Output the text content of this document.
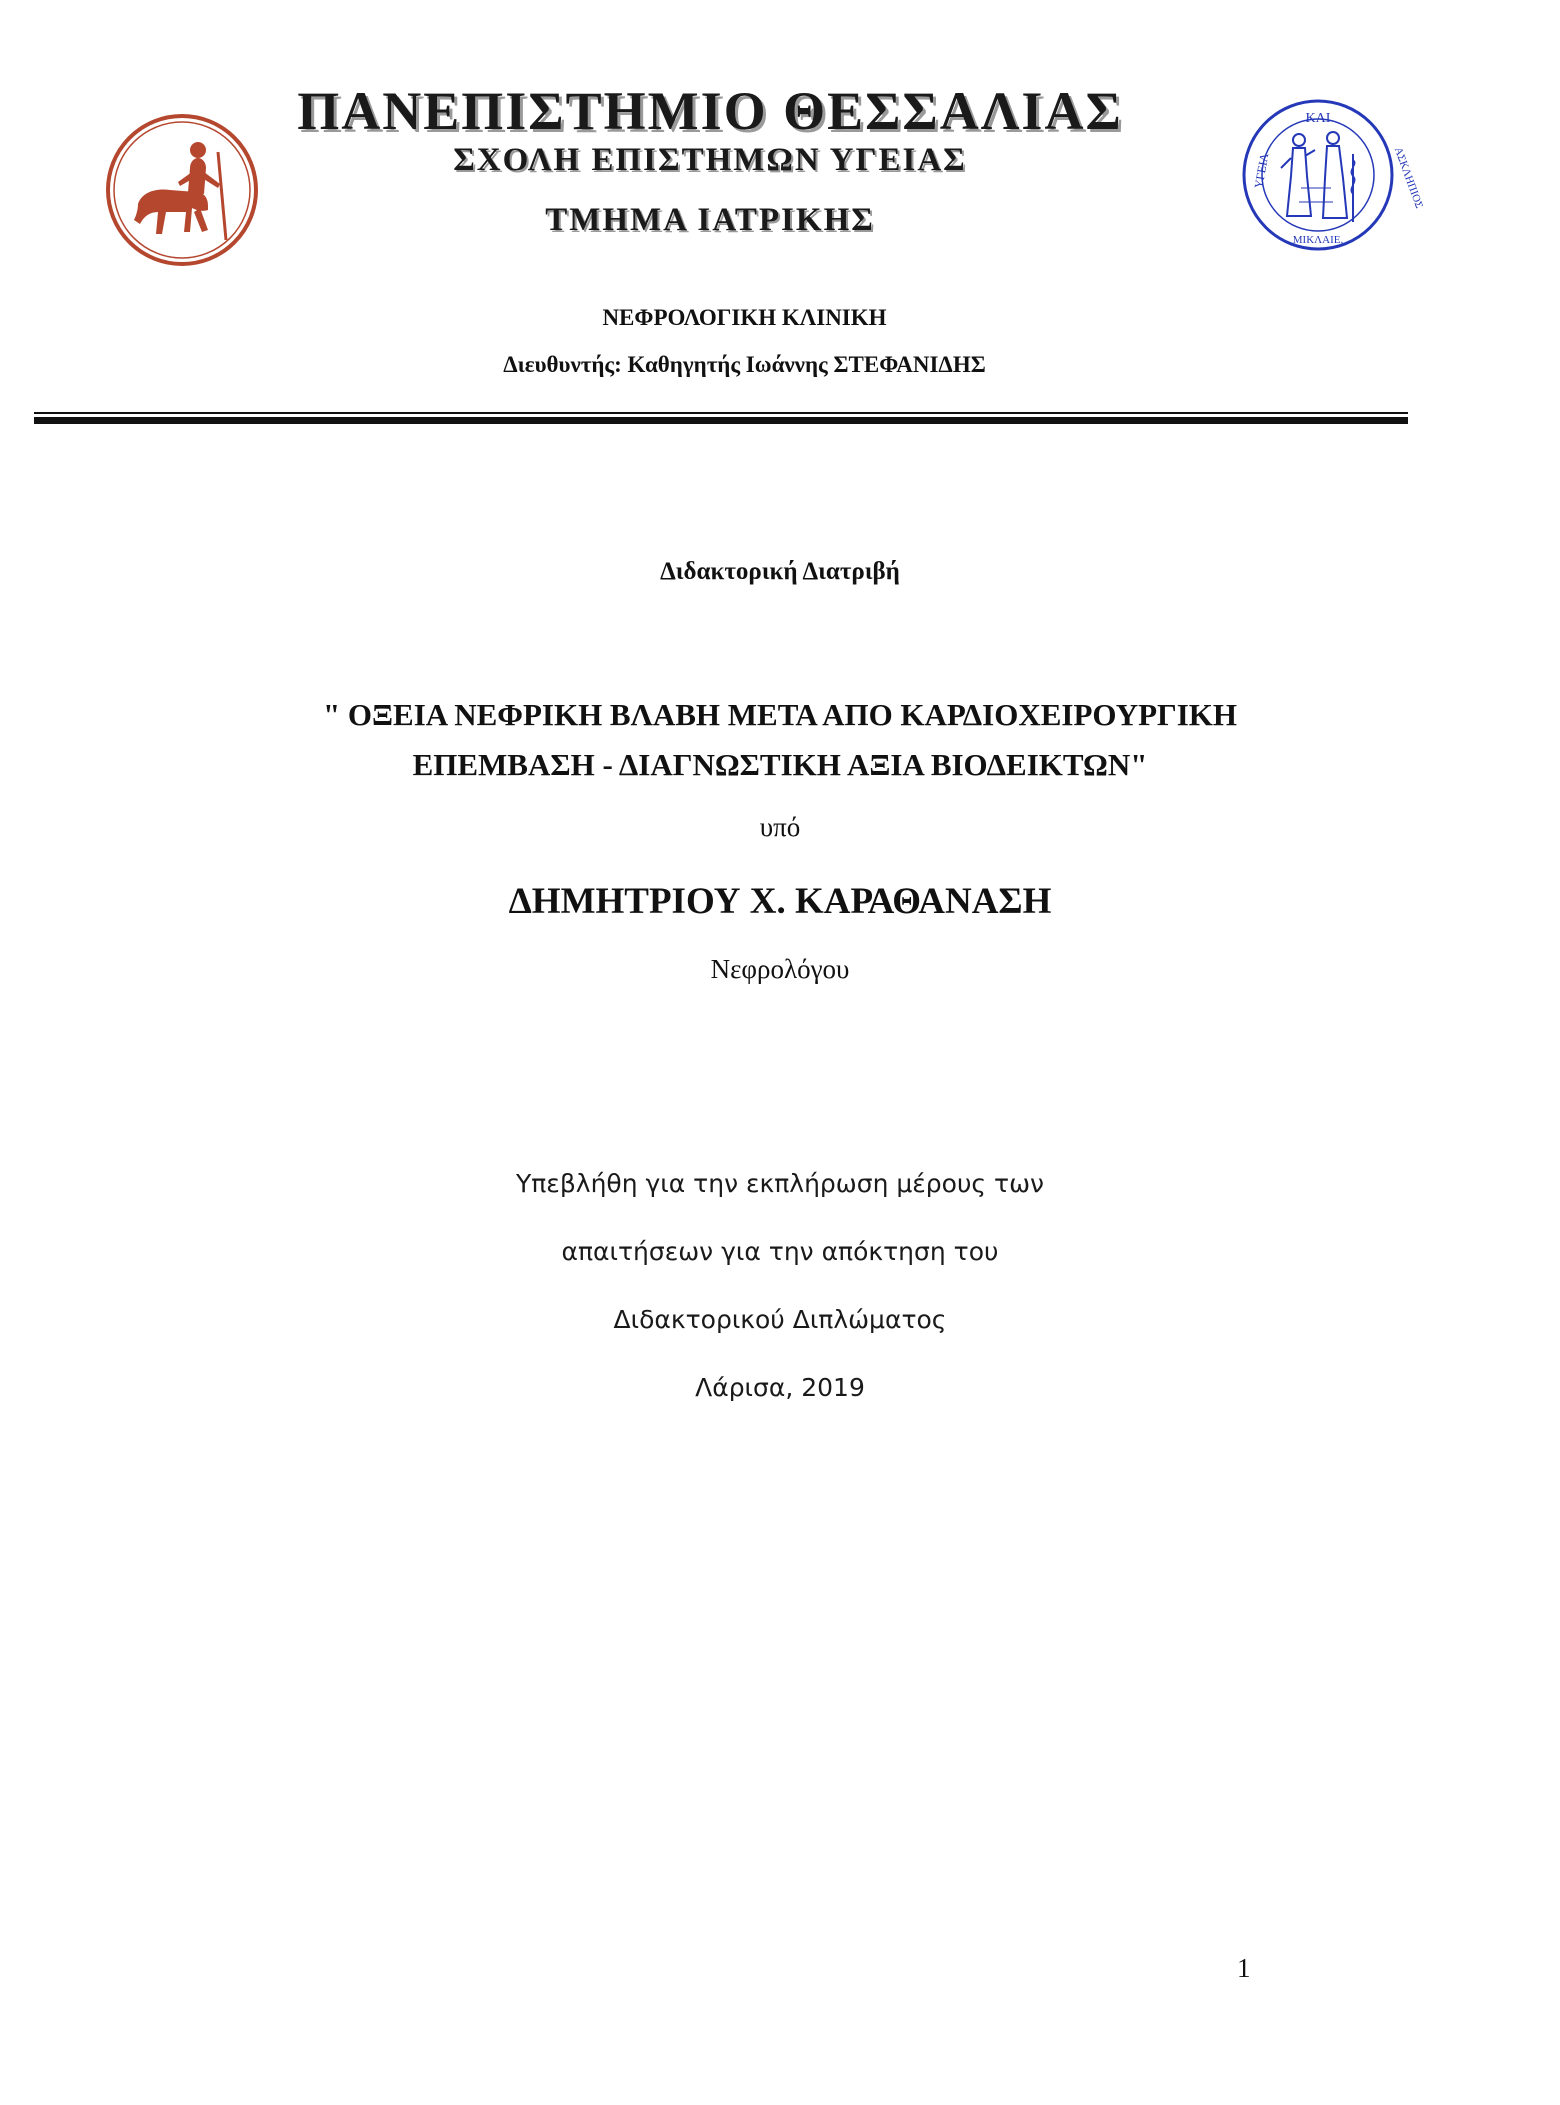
ΚΑΙ
ΥΓΕΙΑ	ΑΣΚΛΗΠΙΟΣ
ΜΙΚΛΑΙΕ.
ΠΑΝΕΠΙΣΤΗΜΙΟ ΘΕΣΣΑΛΙΑΣ
ΣΧΟΛΗ ΕΠΙΣΤΗΜΩΝ ΥΓΕΙΑΣ
ΤΜΗΜΑ ΙΑΤΡΙΚΗΣ
ΝΕΦΡΟΛΟΓΙΚΗ ΚΛΙΝΙΚΗ
Διευθυντής: Καθηγητής Ιωάννης ΣΤΕΦΑΝΙΔΗΣ
Διδακτορική Διατριβή
" ΟΞΕΙΑ ΝΕΦΡΙΚΗ ΒΛΑΒΗ ΜΕΤΑ ΑΠΟ ΚΑΡΔΙΟΧΕΙΡΟΥΡΓΙΚΗ
ΕΠΕΜΒΑΣΗ - ΔΙΑΓΝΩΣΤΙΚΗ ΑΞΙΑ ΒΙΟΔΕΙΚΤΩΝ"
υπό
ΔΗΜΗΤΡΙΟΥ Χ. ΚΑΡΑΘΑΝΑΣΗ
Νεφρολόγου
Υπεβλήθη για την εκπλήρωση μέρους των
απαιτήσεων για την απόκτηση του
Διδακτορικού Διπλώματος
Λάρισα, 2019
1
